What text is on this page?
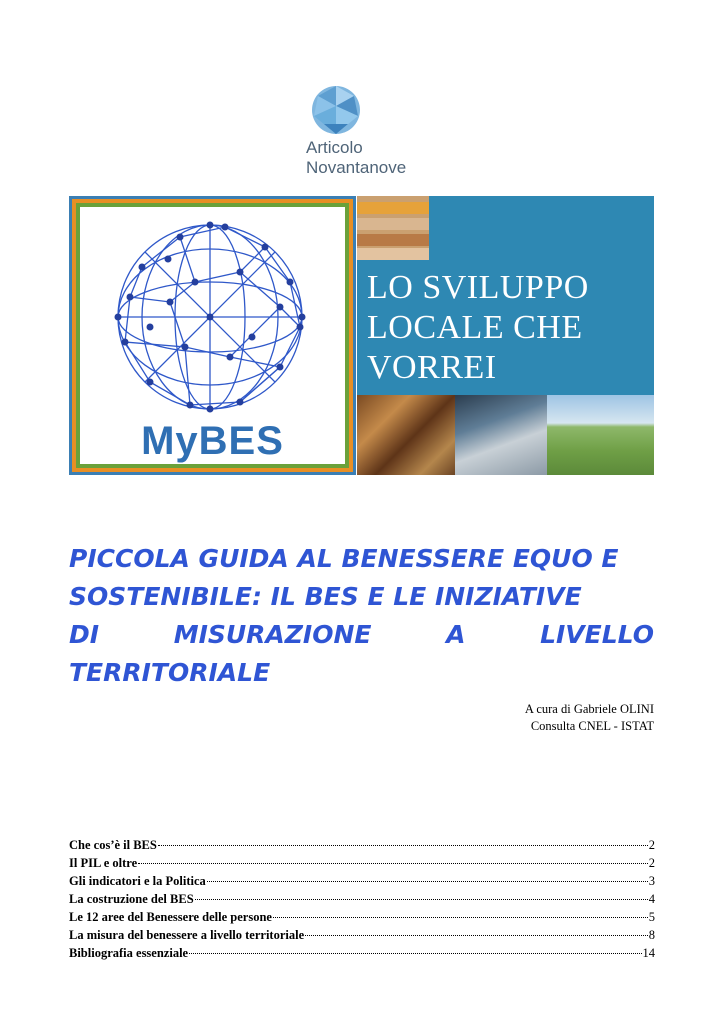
Articolo
Novantanove
MyBES
LO SVILUPPO
LOCALE CHE
VORREI
PICCOLA GUIDA AL BENESSERE EQUO E
SOSTENIBILE: IL BES E LE INIZIATIVE
DI	MISURAZIONE	A	LIVELLO
TERRITORIALE
A cura di Gabriele OLINI
Consulta CNEL - ISTAT
Che cos’è il BES	2
Il PIL e oltre	2
Gli indicatori e la Politica	3
La costruzione del BES	4
Le 12 aree del Benessere delle persone	5
La misura del benessere a livello territoriale	8
Bibliografia essenziale	14
